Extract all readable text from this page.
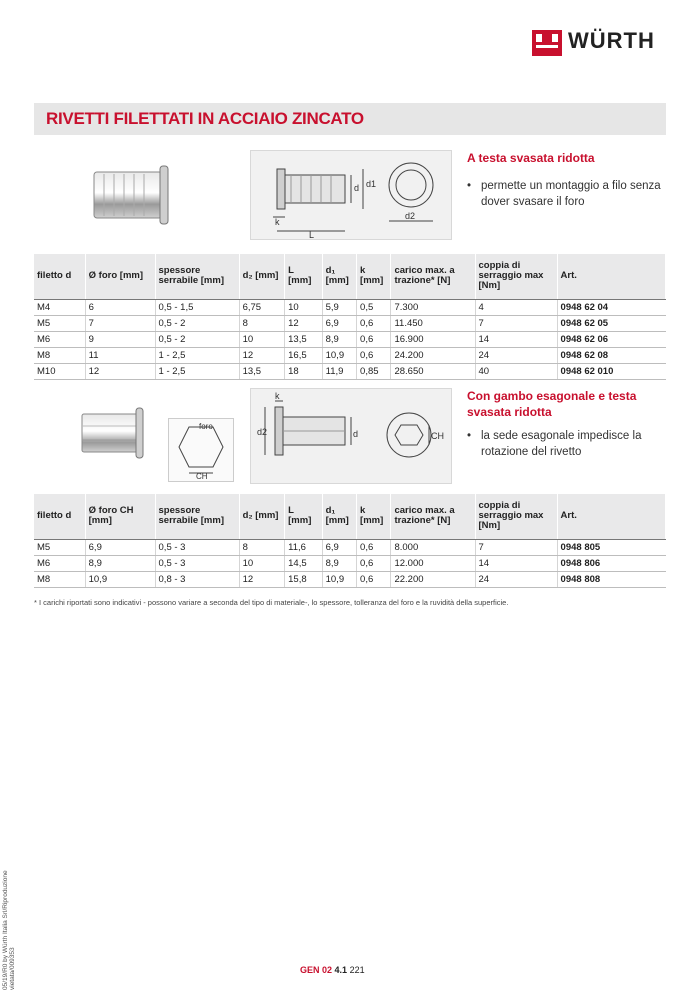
WÜRTH
RIVETTI FILETTATI IN ACCIAIO ZINCATO
d d1
k
L
d2
A testa svasata ridotta
• permette un montaggio a filo senza
dover svasare il foro
filetto d	Ø foro [mm]	spessore serrabile [mm]	d₂ [mm]	L [mm]	d₁ [mm]	k [mm]	carico max. a trazione* [N]	coppia di serraggio max [Nm]	Art.
M4	6	0,5 - 1,5	6,75	10	5,9	0,5	7.300	4	0948 62 04
M5	7	0,5 - 2	8	12	6,9	0,6	11.450	7	0948 62 05
M6	9	0,5 - 2	10	13,5	8,9	0,6	16.900	14	0948 62 06
M8	11	1 - 2,5	12	16,5	10,9	0,6	24.200	24	0948 62 08
M10	12	1 - 2,5	13,5	18	11,9	0,85	28.650	40	0948 62 010
foro
CH
d
d2
k
CH
Con gambo esagonale e testa
svasata ridotta
• la sede esagonale impedisce la
rotazione del rivetto
filetto d	Ø foro CH [mm]	spessore serrabile [mm]	d₂ [mm]	L [mm]	d₁ [mm]	k [mm]	carico max. a trazione* [N]	coppia di serraggio max [Nm]	Art.
M5	6,9	0,5 - 3	8	11,6	6,9	0,6	8.000	7	0948 805
M6	8,9	0,5 - 3	10	14,5	8,9	0,6	12.000	14	0948 806
M8	10,9	0,8 - 3	12	15,8	10,9	0,6	22.200	24	0948 808
* I carichi riportati sono indicativi - possono variare a seconda del tipo di materiale-, lo spessore, tolleranza del foro e la ruvidità della superficie.
05/19/R0 by Würth Italia Srl/Riproduzione vietata/009353	GEN 02 4.1 221
